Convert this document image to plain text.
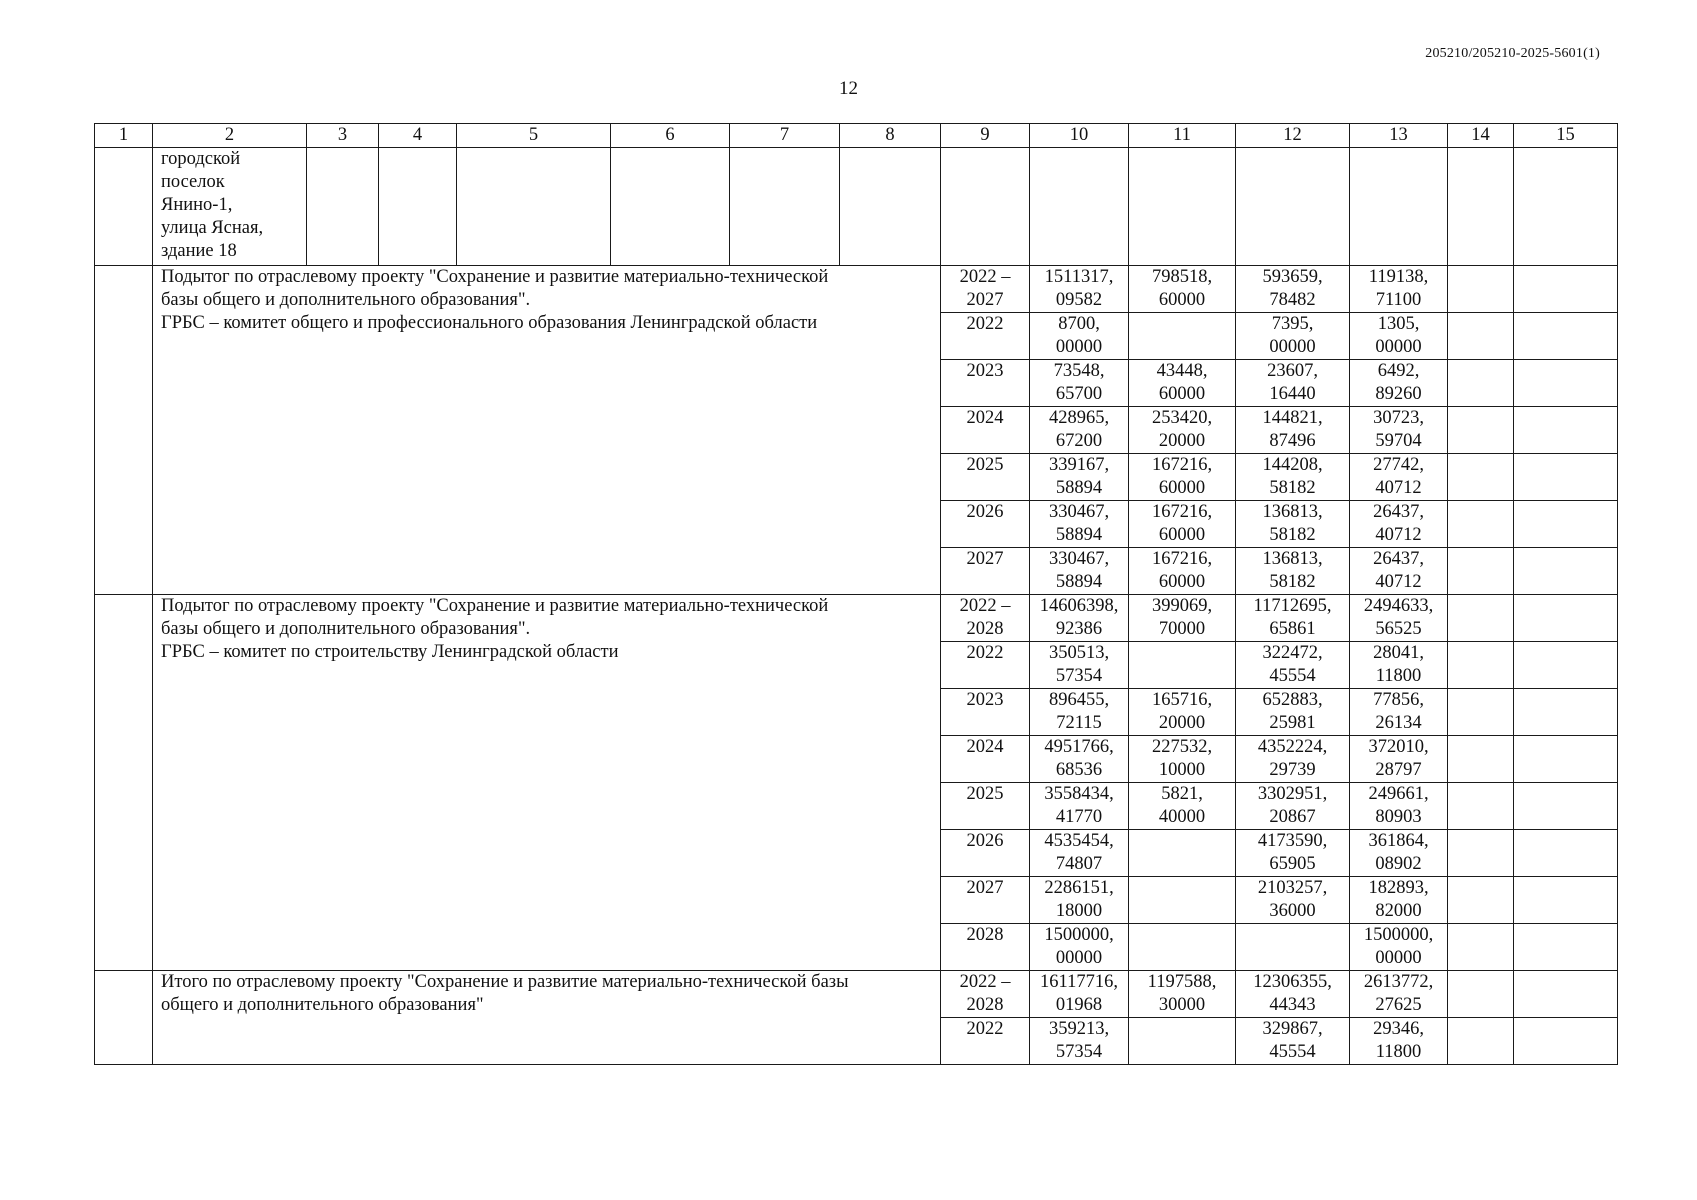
205210/205210-2025-5601(1)
12
1	2	3	4	5	6	7	8	9	10	11	12	13	14	15

	городской
поселок
Янино-1,
улица Ясная,
здание 18													

	Подытог по отраслевому проекту "Сохранение и развитие материально-технической
базы общего и дополнительного образования".
ГРБС – комитет общего и профессионального образования Ленинградской области							2022 –
2027	1511317,
09582	798518,
60000	593659,
78482	119138,
71100		

								2022	8700,
00000		7395,
00000	1305,
00000		

								2023	73548,
65700	43448,
60000	23607,
16440	6492,
89260		

								2024	428965,
67200	253420,
20000	144821,
87496	30723,
59704		

								2025	339167,
58894	167216,
60000	144208,
58182	27742,
40712		

								2026	330467,
58894	167216,
60000	136813,
58182	26437,
40712		

								2027	330467,
58894	167216,
60000	136813,
58182	26437,
40712		

	Подытог по отраслевому проекту "Сохранение и развитие материально-технической
базы общего и дополнительного образования".
ГРБС – комитет по строительству Ленинградской области							2022 –
2028	14606398,
92386	399069,
70000	11712695,
65861	2494633,
56525		

								2022	350513,
57354		322472,
45554	28041,
11800		

								2023	896455,
72115	165716,
20000	652883,
25981	77856,
26134		

								2024	4951766,
68536	227532,
10000	4352224,
29739	372010,
28797		

								2025	3558434,
41770	5821,
40000	3302951,
20867	249661,
80903		

								2026	4535454,
74807		4173590,
65905	361864,
08902		

								2027	2286151,
18000		2103257,
36000	182893,
82000		

								2028	1500000,
00000			1500000,
00000		

	Итого по отраслевому проекту "Сохранение и развитие материально-технической базы
общего и дополнительного образования"							2022 –
2028	16117716,
01968	1197588,
30000	12306355,
44343	2613772,
27625		

								2022	359213,
57354		329867,
45554	29346,
11800		
